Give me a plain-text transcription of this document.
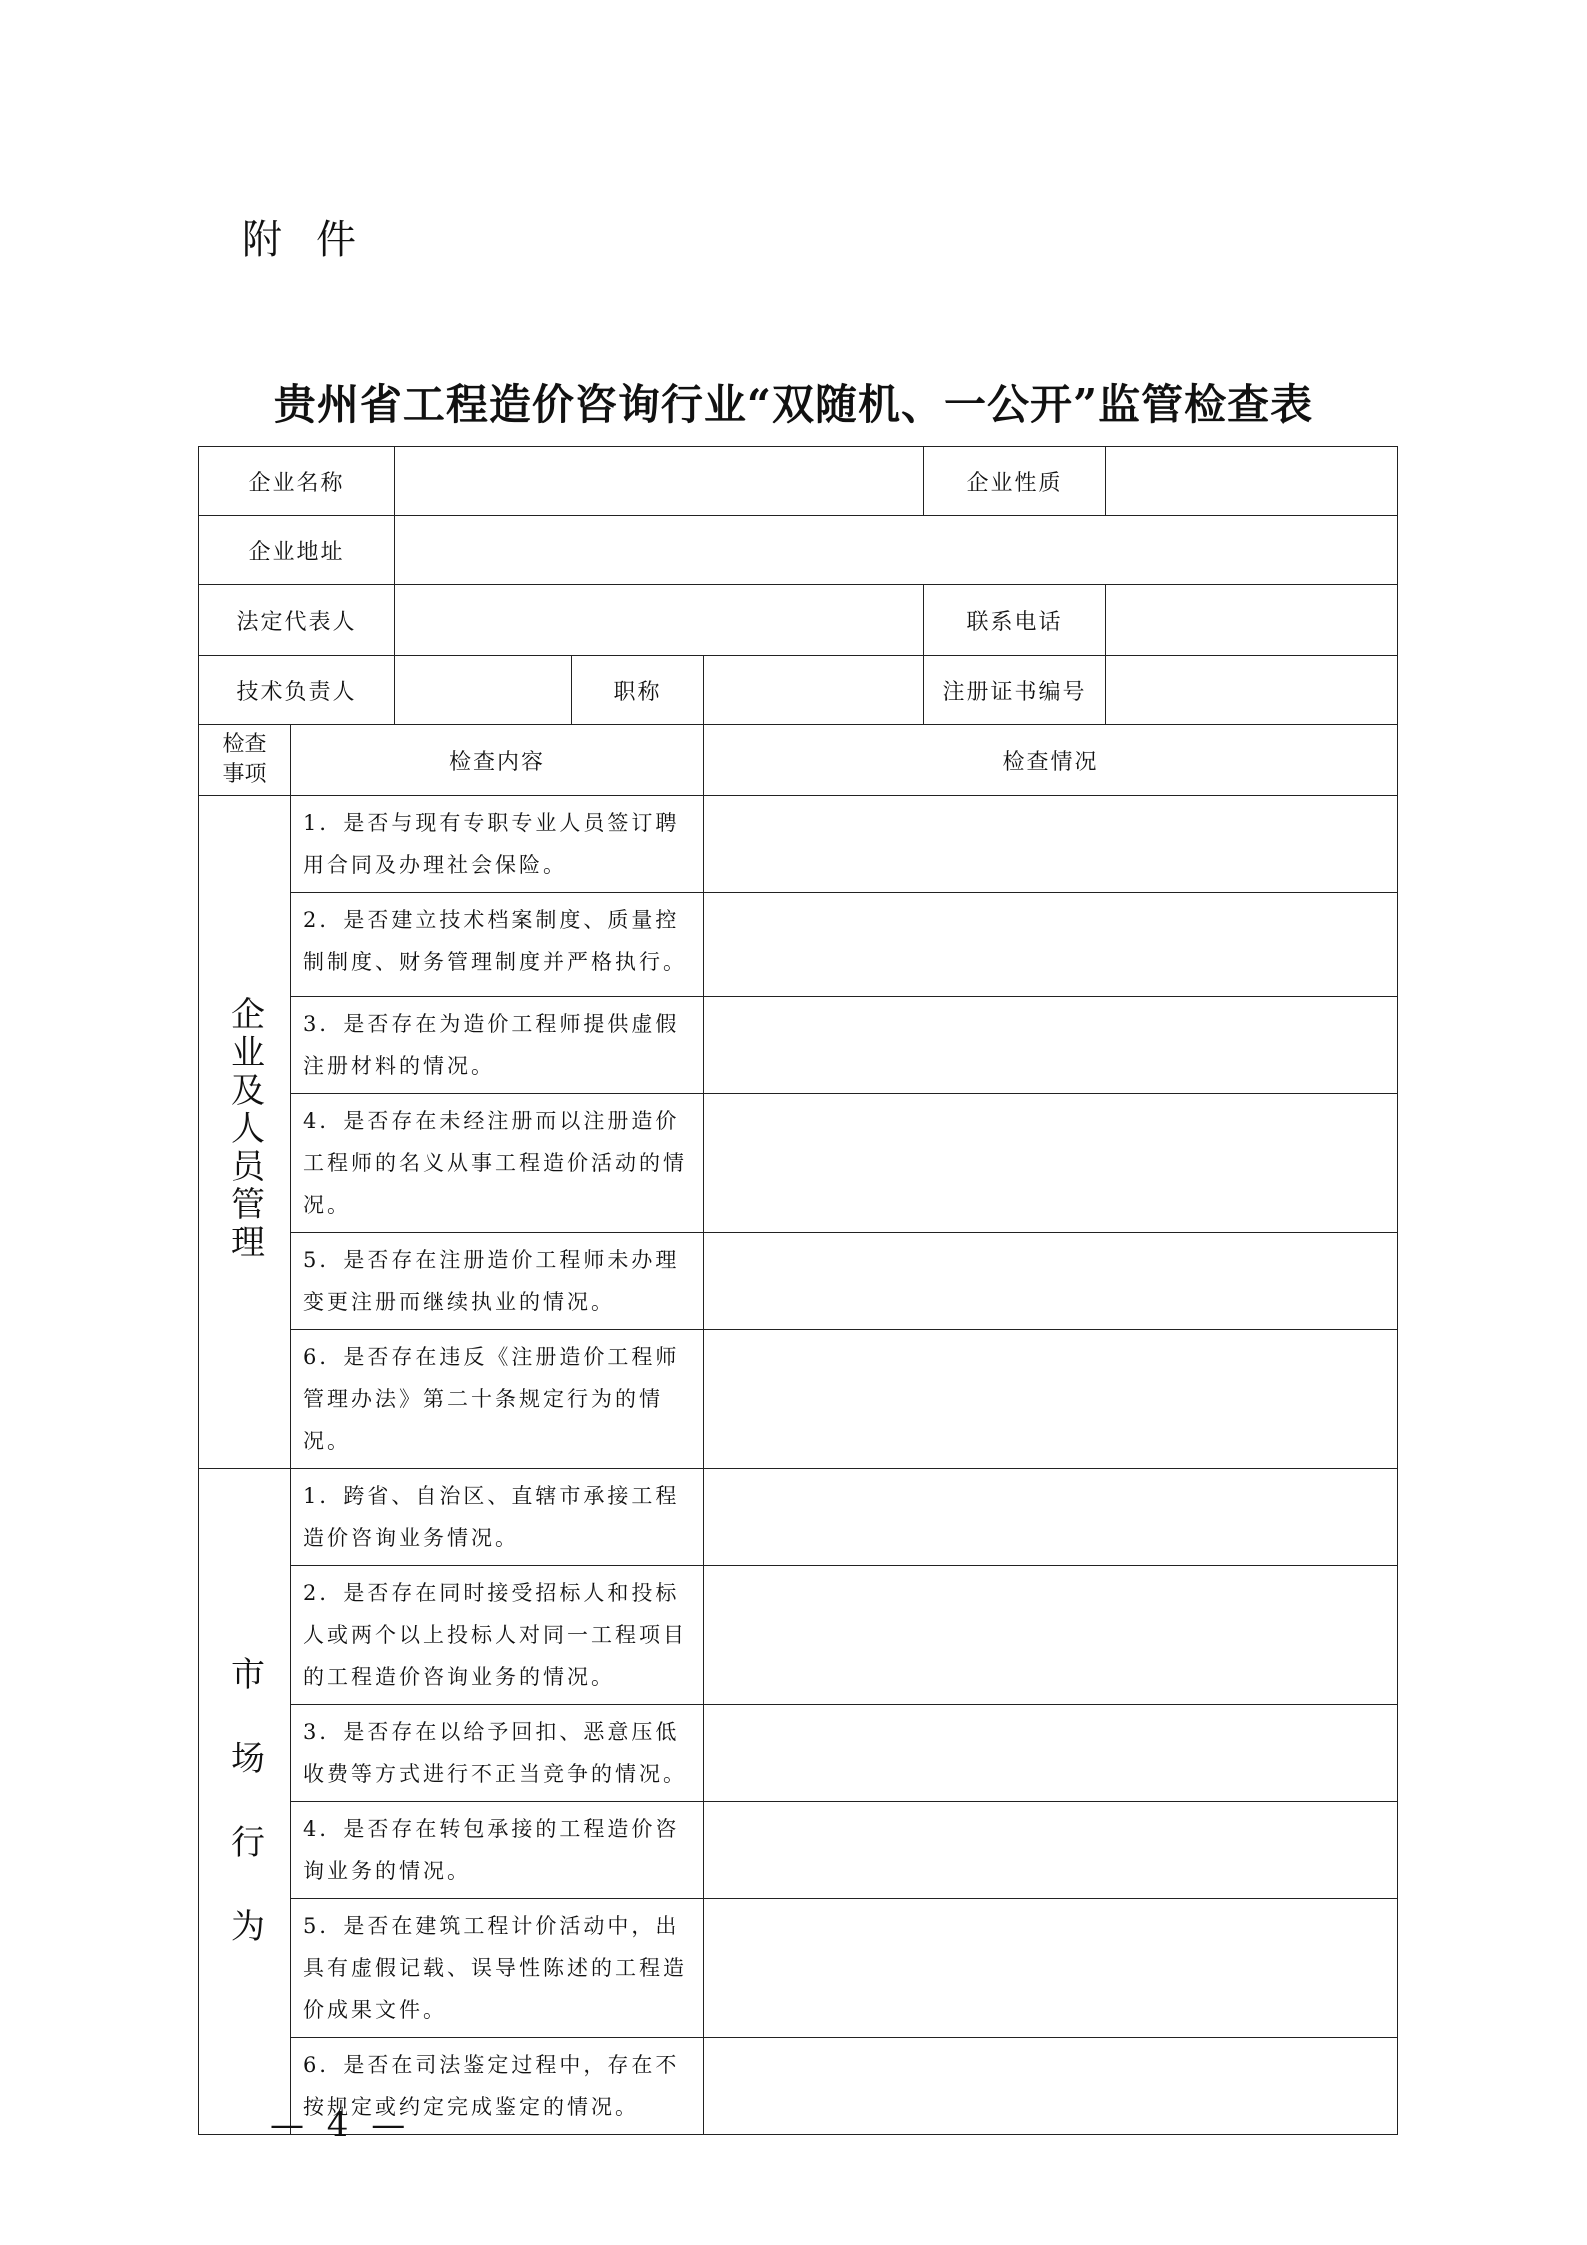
附件
贵州省工程造价咨询行业“双随机、一公开”监管检查表
企业名称					企业性质	
企业地址						
法定代表人					联系电话	
技术负责人			职称		注册证书编号	
检查
事项	检查内容			检查情况		
企业及人员管理	1．是否与现有专职专业人员签订聘用合同及办理社会保险。					
	2．是否建立技术档案制度、质量控制制度、财务管理制度并严格执行。					
	3．是否存在为造价工程师提供虚假注册材料的情况。					
	4．是否存在未经注册而以注册造价工程师的名义从事工程造价活动的情况。					
	5．是否存在注册造价工程师未办理变更注册而继续执业的情况。					
	6．是否存在违反《注册造价工程师管理办法》第二十条规定行为的情况。					
市场行为	1．跨省、自治区、直辖市承接工程造价咨询业务情况。					
	2．是否存在同时接受招标人和投标人或两个以上投标人对同一工程项目的工程造价咨询业务的情况。					
	3．是否存在以给予回扣、恶意压低收费等方式进行不正当竞争的情况。					
	4．是否存在转包承接的工程造价咨询业务的情况。					
	5．是否在建筑工程计价活动中，出具有虚假记载、误导性陈述的工程造价成果文件。					
	6．是否在司法鉴定过程中，存在不按规定或约定完成鉴定的情况。					
— 4 —
